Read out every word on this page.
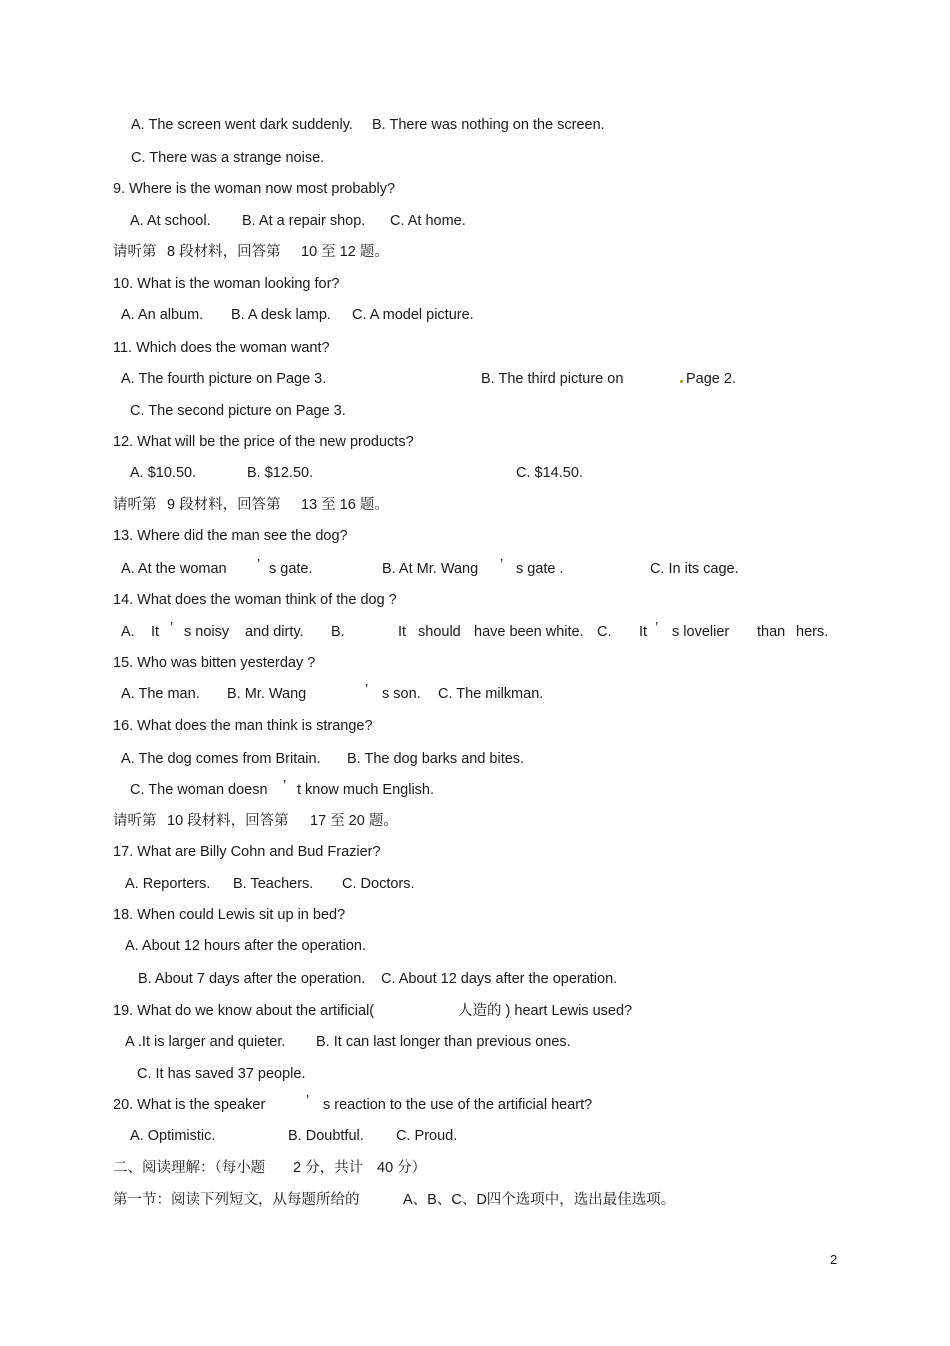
A. The screen went dark suddenly. B. There was nothing on the screen.
C. There was a strange noise.
9. Where is the woman now most probably?
A. At school. B. At a repair shop. C. At home.
请听第 8 段材料，回答第 10 至 12 题。
10. What is the woman looking for?
A. An album. B. A desk lamp. C. A model picture.
11. Which does the woman want?
A. The fourth picture on Page 3.	B. The third picture on	Page 2.
C. The second picture on Page 3.
12. What will be the price of the new products?
A. $10.50.	B. $12.50.	C. $14.50.
请听第 9 段材料，回答第 13 至 16 题。
13. Where did the man see the dog?
A. At the woman ’ s gate.	B. At Mr. Wang ’ s gate .	C. In its cage.
14. What does the woman think of the dog ?
A. It ’ s noisy and dirty. B.	It should have been white. C. It ’ s lovelier than hers.
15. Who was bitten yesterday ?
A. The man. B. Mr. Wang	’ s son. C. The milkman.
16. What does the man think is strange?
A. The dog comes from Britain. B. The dog barks and bites.
C. The woman doesn ’ t know much English.
请听第 10 段材料，回答第 17 至 20 题。
17. What are Billy Cohn and Bud Frazier?
A. Reporters. B. Teachers. C. Doctors.
18. When could Lewis sit up in bed?
A. About 12 hours after the operation.
B. About 7 days after the operation. C. About 12 days after the operation.
19. What do we know about the artificial(	人造的 ) heart Lewis used?
A .It is larger and quieter. B. It can last longer than previous ones.
C. It has saved 37 people.
20. What is the speaker	’ s reaction to the use of the artificial heart?
A. Optimistic.	B. Doubtful. C. Proud.
二、阅读理解：（每小题 2 分，共计 40 分）
第一节：阅读下列短文，从每题所给的	A、B、C、D四个选项中，选出最佳选项。
2
